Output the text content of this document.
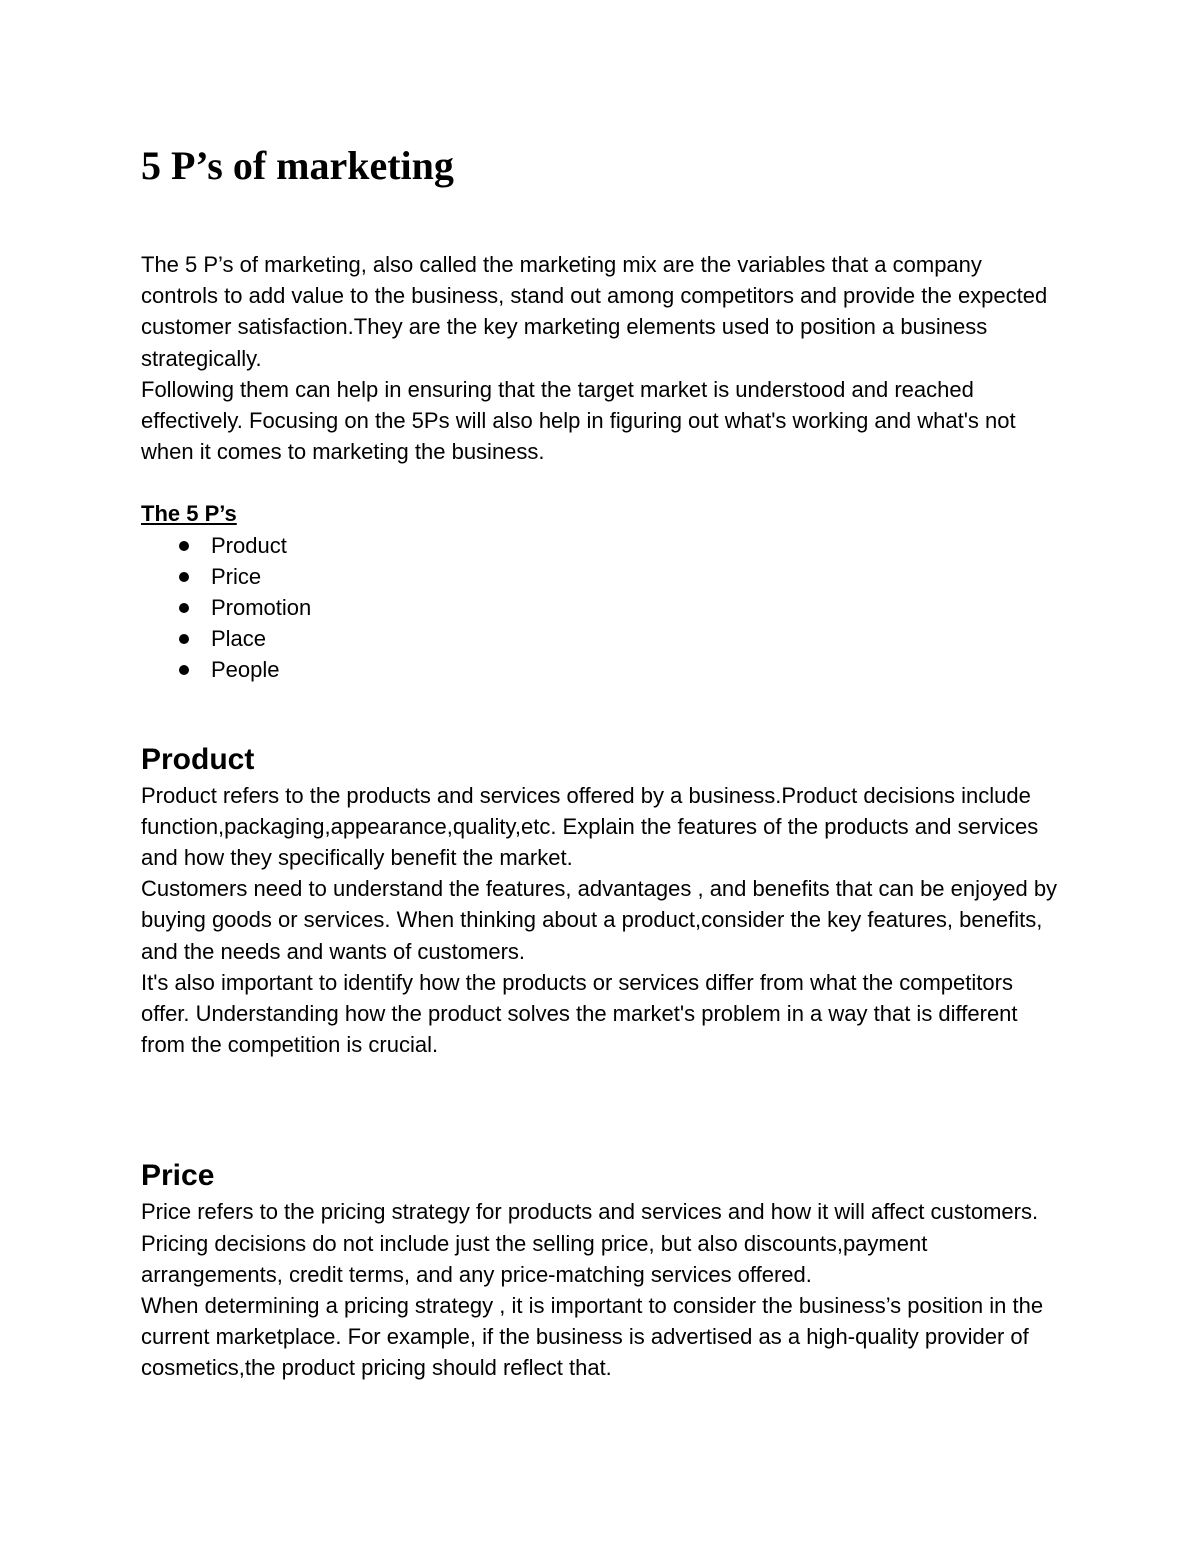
5 P’s of marketing

The 5 P’s of marketing, also called the marketing mix are the variables that a company controls to add value to the business, stand out among competitors and provide the expected customer satisfaction.They are the key marketing elements used to position a business strategically.

Following them can help in ensuring that the target market is understood and reached effectively. Focusing on the 5Ps will also help in figuring out what's working and what's not when it comes to marketing the business.

The 5 P’s
Product
Price
Promotion
Place
People
Product

Product refers to the products and services offered by a business.Product decisions include function,packaging,appearance,quality,etc. Explain the features of the products and services and how they specifically benefit the market.

Customers need to understand the features, advantages , and benefits that can be enjoyed by buying goods or services. When thinking about a product,consider the key features, benefits, and the needs and wants of customers.

It's also important to identify how the products or services differ from what the competitors offer. Understanding how the product solves the market's problem in a way that is different from the competition is crucial.

Price

Price refers to the pricing strategy for products and services and how it will affect customers. Pricing decisions do not include just the selling price, but also discounts,payment arrangements, credit terms, and any price-matching services offered.

When determining a pricing strategy , it is important to consider the business’s position in the current marketplace. For example, if the business is advertised as a high-quality provider of cosmetics,the product pricing should reflect that.
